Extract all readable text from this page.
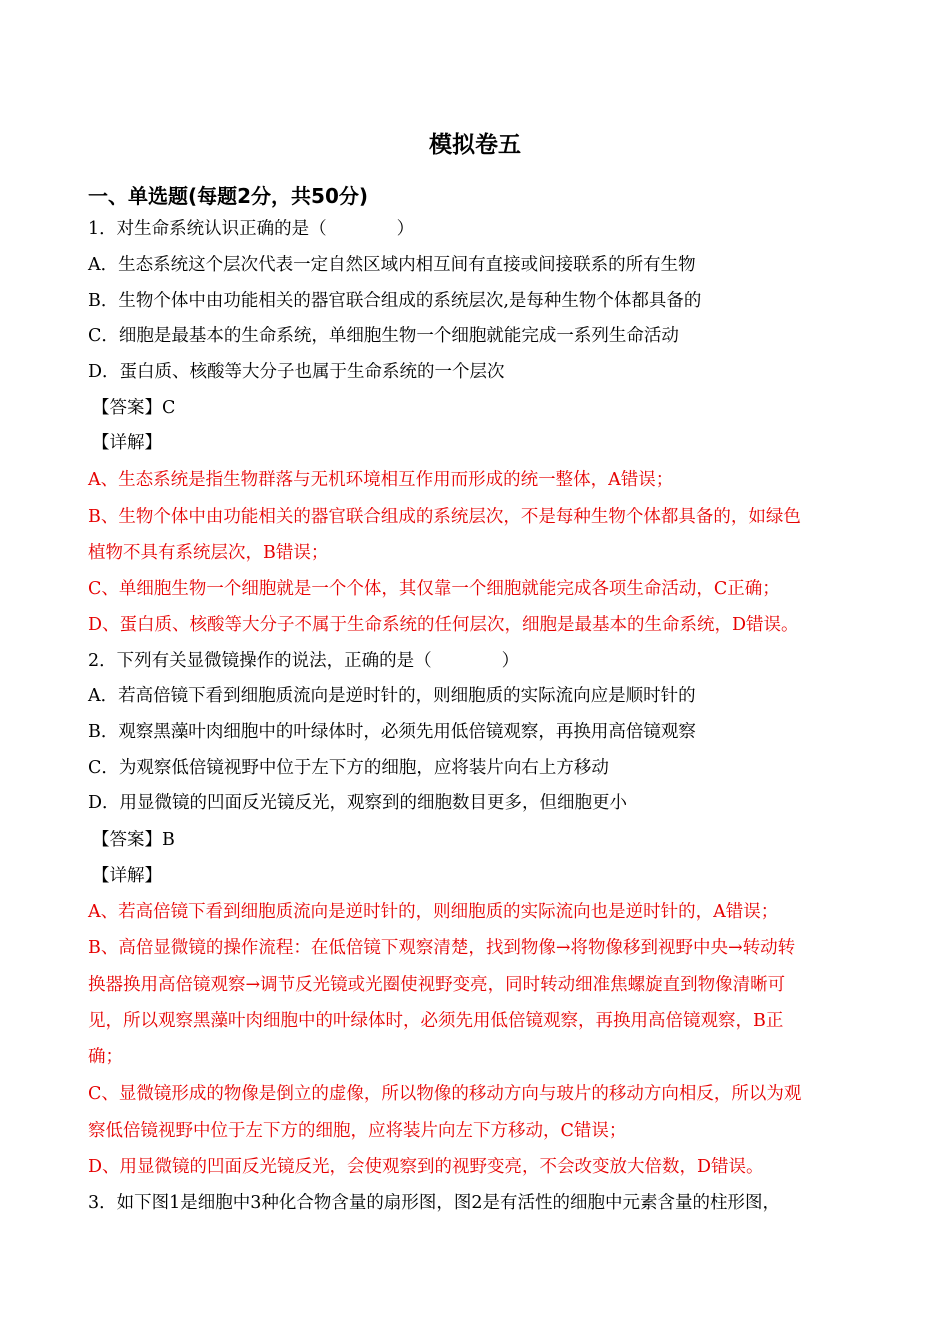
模拟卷五
一、单选题(每题2分，共50分)
1．对生命系统认识正确的是（　　　　）
A．生态系统这个层次代表一定自然区域内相互间有直接或间接联系的所有生物
B．生物个体中由功能相关的器官联合组成的系统层次,是每种生物个体都具备的
C．细胞是最基本的生命系统，单细胞生物一个细胞就能完成一系列生命活动
D．蛋白质、核酸等大分子也属于生命系统的一个层次
【答案】C
【详解】
A、生态系统是指生物群落与无机环境相互作用而形成的统一整体，A错误；
B、生物个体中由功能相关的器官联合组成的系统层次，不是每种生物个体都具备的，如绿色
植物不具有系统层次，B错误；
C、单细胞生物一个细胞就是一个个体，其仅靠一个细胞就能完成各项生命活动，C正确；
D、蛋白质、核酸等大分子不属于生命系统的任何层次，细胞是最基本的生命系统，D错误。
2．下列有关显微镜操作的说法，正确的是（　　　　）
A．若高倍镜下看到细胞质流向是逆时针的，则细胞质的实际流向应是顺时针的
B．观察黑藻叶肉细胞中的叶绿体时，必须先用低倍镜观察，再换用高倍镜观察
C．为观察低倍镜视野中位于左下方的细胞，应将装片向右上方移动
D．用显微镜的凹面反光镜反光，观察到的细胞数目更多，但细胞更小
【答案】B
【详解】
A、若高倍镜下看到细胞质流向是逆时针的，则细胞质的实际流向也是逆时针的，A错误；
B、高倍显微镜的操作流程：在低倍镜下观察清楚，找到物像→将物像移到视野中央→转动转
换器换用高倍镜观察→调节反光镜或光圈使视野变亮，同时转动细准焦螺旋直到物像清晰可
见，所以观察黑藻叶肉细胞中的叶绿体时，必须先用低倍镜观察，再换用高倍镜观察，B正
确；
C、显微镜形成的物像是倒立的虚像，所以物像的移动方向与玻片的移动方向相反，所以为观
察低倍镜视野中位于左下方的细胞，应将装片向左下方移动，C错误；
D、用显微镜的凹面反光镜反光，会使观察到的视野变亮，不会改变放大倍数，D错误。
3．如下图1是细胞中3种化合物含量的扇形图，图2是有活性的细胞中元素含量的柱形图，
